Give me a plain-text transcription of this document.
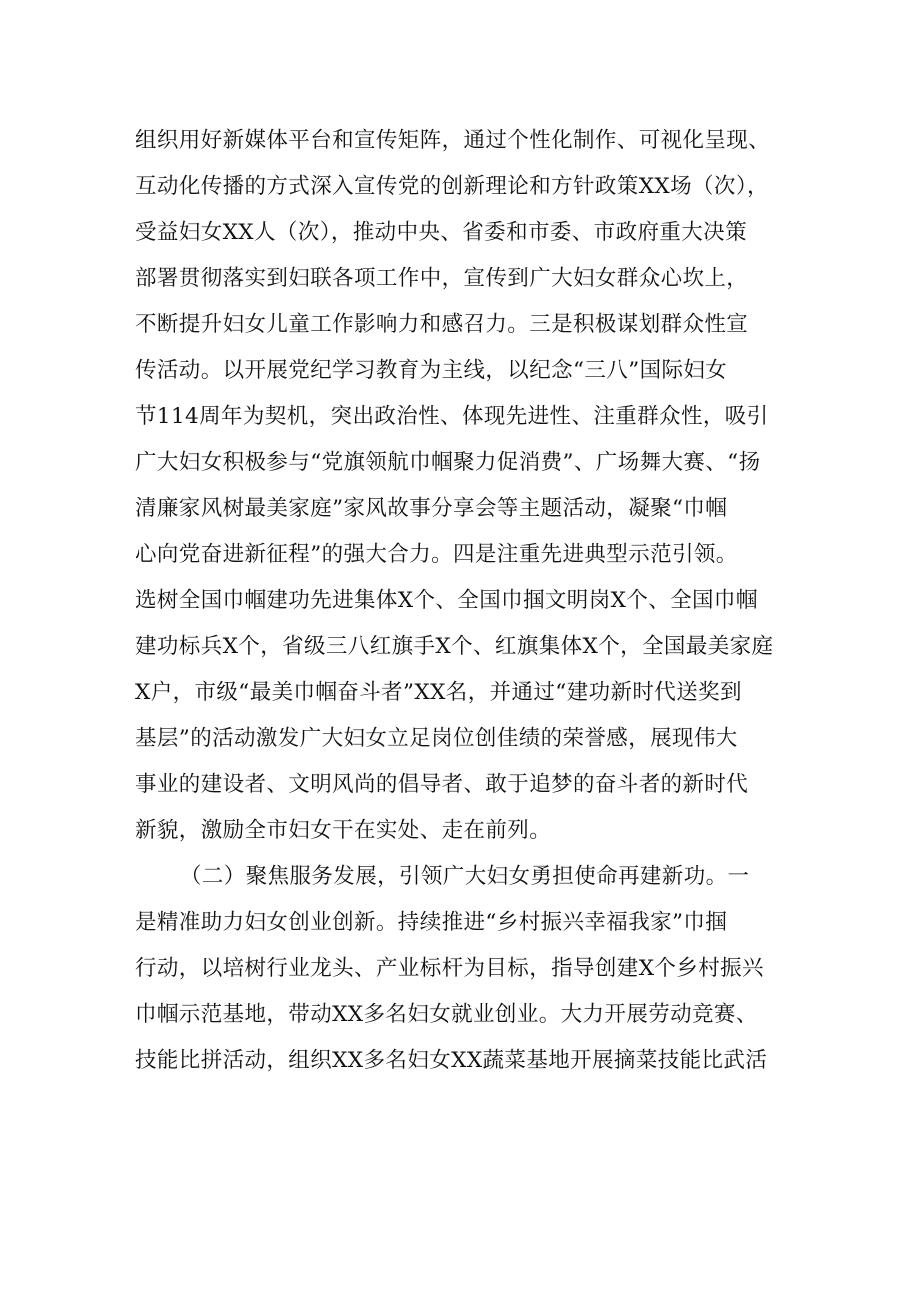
组织用好新媒体平台和宣传矩阵，通过个性化制作、可视化呈现、
互动化传播的方式深入宣传党的创新理论和方针政策XX场（次），
受益妇女XX人（次），推动中央、省委和市委、市政府重大决策
部署贯彻落实到妇联各项工作中，宣传到广大妇女群众心坎上，
不断提升妇女儿童工作影响力和感召力。三是积极谋划群众性宣
传活动。以开展党纪学习教育为主线，以纪念“三八”国际妇女
节114周年为契机，突出政治性、体现先进性、注重群众性，吸引
广大妇女积极参与“党旗领航巾帼聚力促消费”、广场舞大赛、“扬
清廉家风树最美家庭”家风故事分享会等主题活动，凝聚“巾帼
心向党奋进新征程”的强大合力。四是注重先进典型示范引领。
选树全国巾帼建功先进集体X个、全国巾掴文明岗X个、全国巾帼
建功标兵X个，省级三八红旗手X个、红旗集体X个，全国最美家庭
X户，市级“最美巾帼奋斗者”XX名，并通过“建功新时代送奖到
基层”的活动激发广大妇女立足岗位创佳绩的荣誉感，展现伟大
事业的建设者、文明风尚的倡导者、敢于追梦的奋斗者的新时代
新貌，激励全市妇女干在实处、走在前列。
（二）聚焦服务发展，引领广大妇女勇担使命再建新功。一
是精准助力妇女创业创新。持续推进“乡村振兴幸福我家”巾掴
行动，以培树行业龙头、产业标杆为目标，指导创建X个乡村振兴
巾帼示范基地，带动XX多名妇女就业创业。大力开展劳动竞赛、
技能比拼活动，组织XX多名妇女XX蔬菜基地开展摘菜技能比武活
